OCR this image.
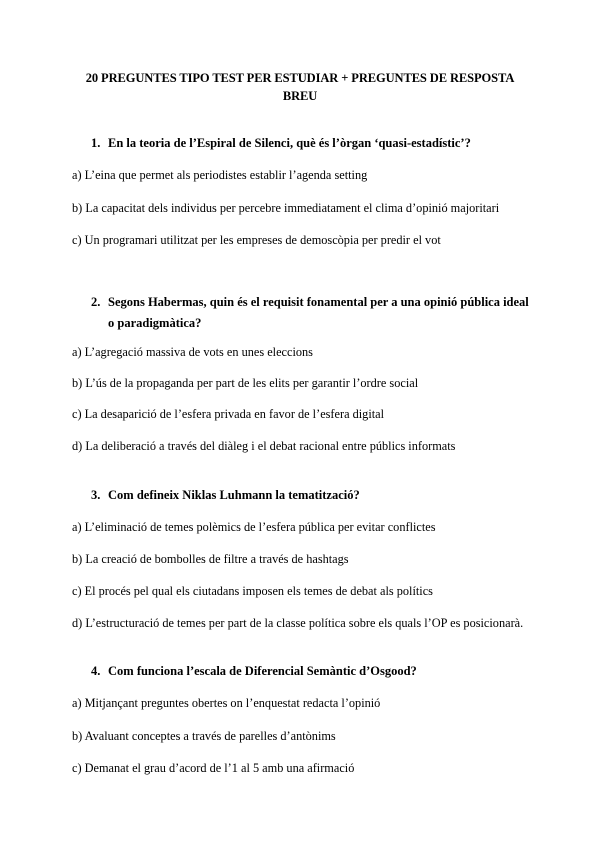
20 PREGUNTES TIPO TEST PER ESTUDIAR + PREGUNTES DE RESPOSTA BREU
1. En la teoria de l’Espiral de Silenci, què és l’òrgan ‘quasi-estadístic’?
a) L’eina que permet als periodistes establir l’agenda setting
b) La capacitat dels individus per percebre immediatament el clima d’opinió majoritari
c) Un programari utilitzat per les empreses de demoscòpia per predir el vot
2. Segons Habermas, quin és el requisit fonamental per a una opinió pública ideal o paradigmàtica?
a) L’agregació massiva de vots en unes eleccions
b) L’ús de la propaganda per part de les elits per garantir l’ordre social
c) La desaparició de l’esfera privada en favor de l’esfera digital
d) La deliberació a través del diàleg i el debat racional entre públics informats
3. Com defineix Niklas Luhmann la tematització?
a) L’eliminació de temes polèmics de l’esfera pública per evitar conflictes
b) La creació de bombolles de filtre a través de hashtags
c) El procés pel qual els ciutadans imposen els temes de debat als polítics
d) L’estructuració de temes per part de la classe política sobre els quals l’OP es posicionarà.
4. Com funciona l’escala de Diferencial Semàntic d’Osgood?
a) Mitjançant preguntes obertes on l’enquestat redacta l’opinió
b) Avaluant conceptes a través de parelles d’antònims
c) Demanat el grau d’acord de l’1 al 5 amb una afirmació
